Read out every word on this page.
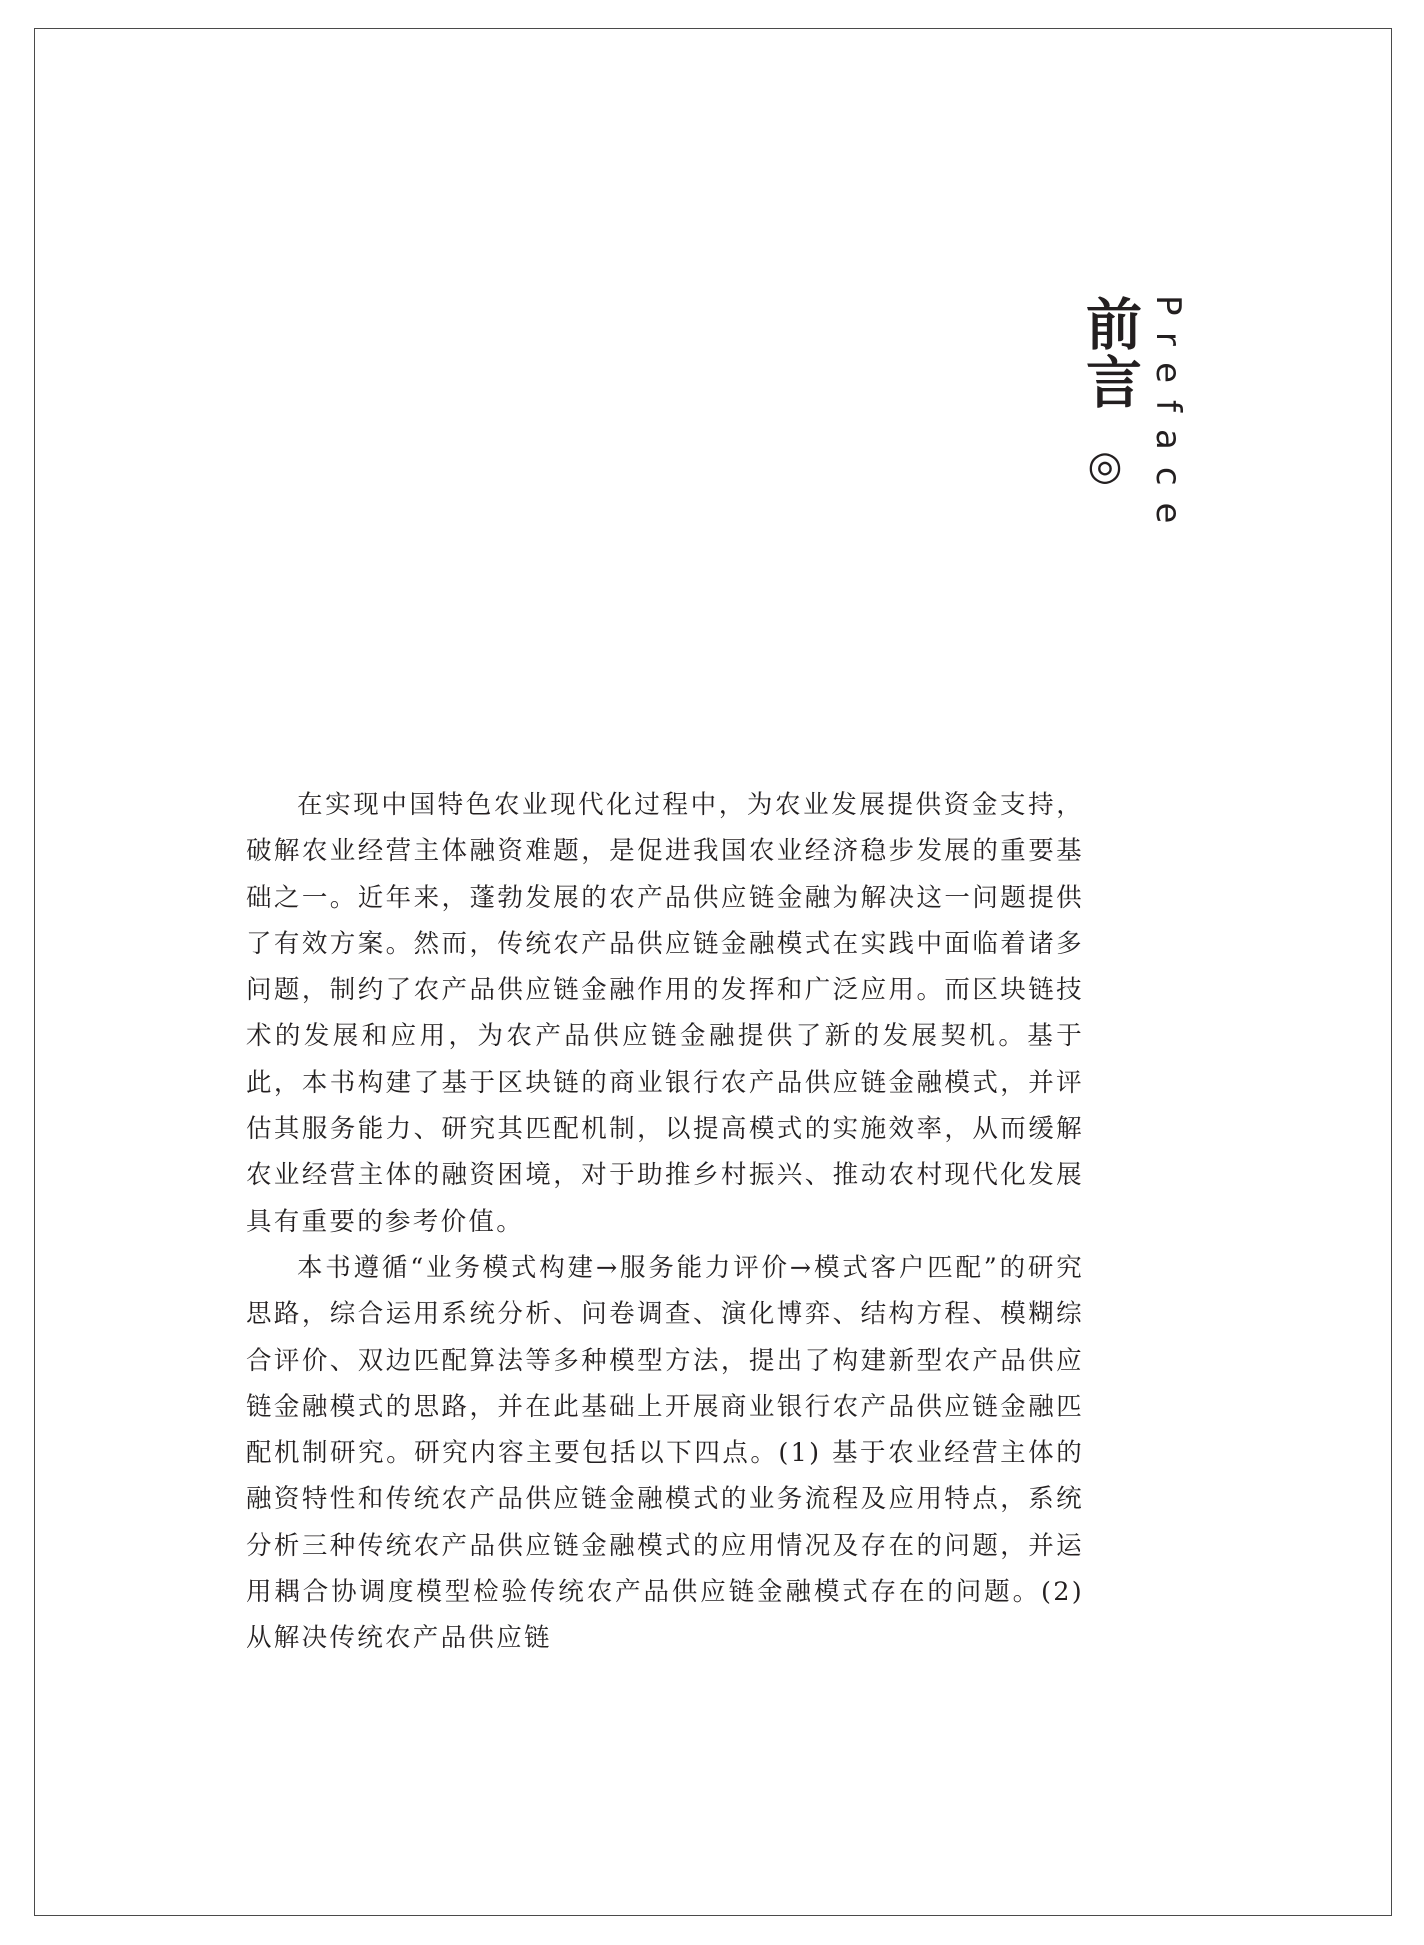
前言
◎ Preface

在实现中国特色农业现代化过程中，为农业发展提供资金支持，破解农业经营主体融资难题，是促进我国农业经济稳步发展的重要基础之一。近年来，蓬勃发展的农产品供应链金融为解决这一问题提供了有效方案。然而，传统农产品供应链金融模式在实践中面临着诸多问题，制约了农产品供应链金融作用的发挥和广泛应用。而区块链技术的发展和应用，为农产品供应链金融提供了新的发展契机。基于此，本书构建了基于区块链的商业银行农产品供应链金融模式，并评估其服务能力、研究其匹配机制，以提高模式的实施效率，从而缓解农业经营主体的融资困境，对于助推乡村振兴、推动农村现代化发展具有重要的参考价值。

本书遵循“业务模式构建→服务能力评价→模式客户匹配”的研究思路，综合运用系统分析、问卷调查、演化博弈、结构方程、模糊综合评价、双边匹配算法等多种模型方法，提出了构建新型农产品供应链金融模式的思路，并在此基础上开展商业银行农产品供应链金融匹配机制研究。研究内容主要包括以下四点。(1) 基于农业经营主体的融资特性和传统农产品供应链金融模式的业务流程及应用特点，系统分析三种传统农产品供应链金融模式的应用情况及存在的问题，并运用耦合协调度模型检验传统农产品供应链金融模式存在的问题。(2) 从解决传统农产品供应链
